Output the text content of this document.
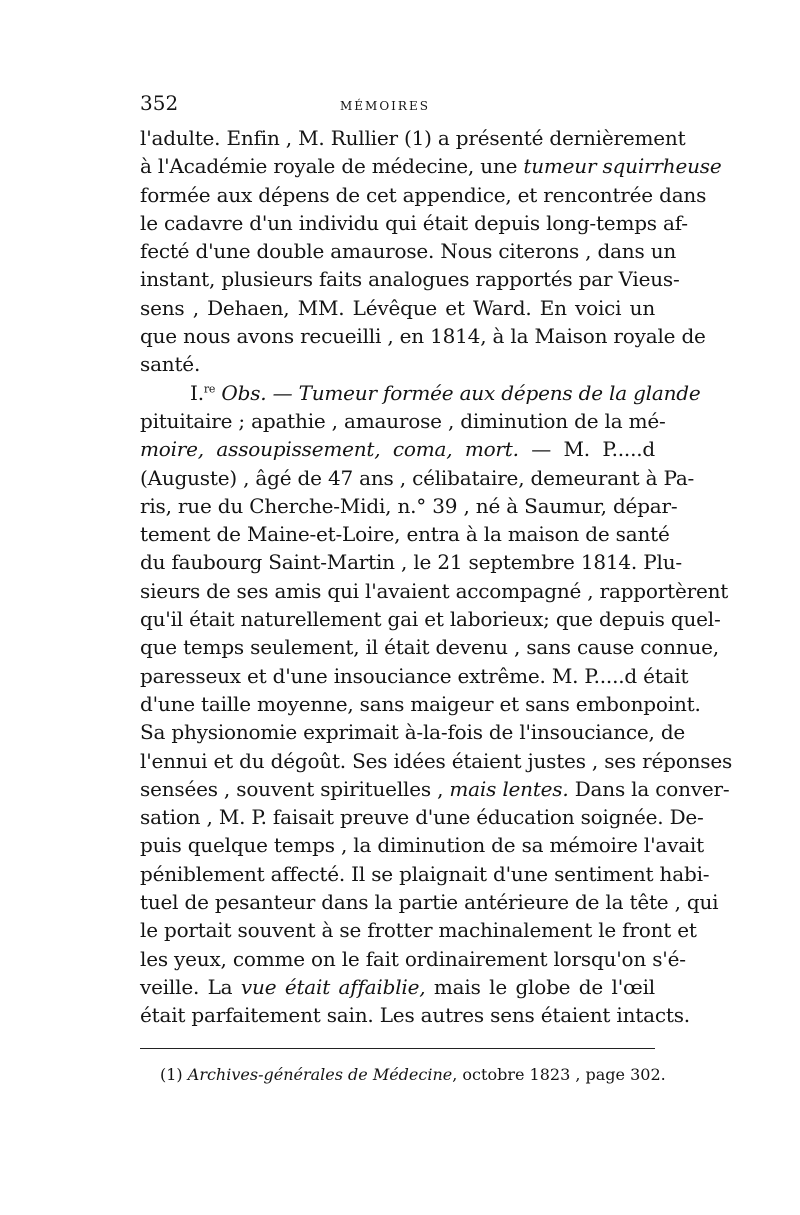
352	MÉMOIRES
l'adulte. Enfin , M. Rullier (1) a présenté dernièrement
à l'Académie royale de médecine, une tumeur squirrheuse
formée aux dépens de cet appendice, et rencontrée dans
le cadavre d'un individu qui était depuis long-temps af-
fecté d'une double amaurose. Nous citerons , dans un
instant, plusieurs faits analogues rapportés par Vieus-
sens , Dehaen, MM. Lévêque et Ward. En voici un
que nous avons recueilli , en 1814, à la Maison royale de
santé.
I.$^{re}$ Obs. — Tumeur formée aux dépens de la glande
pituitaire ; apathie , amaurose , diminution de la mé-
moire, assoupissement, coma, mort. — M. P.....d
(Auguste) , âgé de 47 ans , célibataire, demeurant à Pa-
ris, rue du Cherche-Midi, n.° 39 , né à Saumur, dépar-
tement de Maine-et-Loire, entra à la maison de santé
du faubourg Saint-Martin , le 21 septembre 1814. Plu-
sieurs de ses amis qui l'avaient accompagné , rapportèrent
qu'il était naturellement gai et laborieux; que depuis quel-
que temps seulement, il était devenu , sans cause connue,
paresseux et d'une insouciance extrême. M. P.....d était
d'une taille moyenne, sans maigeur et sans embonpoint.
Sa physionomie exprimait à-la-fois de l'insouciance, de
l'ennui et du dégoût. Ses idées étaient justes , ses réponses
sensées , souvent spirituelles , mais lentes. Dans la conver-
sation , M. P. faisait preuve d'une éducation soignée. De-
puis quelque temps , la diminution de sa mémoire l'avait
péniblement affecté. Il se plaignait d'une sentiment habi-
tuel de pesanteur dans la partie antérieure de la tête , qui
le portait souvent à se frotter machinalement le front et
les yeux, comme on le fait ordinairement lorsqu'on s'é-
veille. La vue était affaiblie, mais le globe de l'œil
était parfaitement sain. Les autres sens étaient intacts.
(1) Archives-générales de Médecine, octobre 1823 , page 302.
